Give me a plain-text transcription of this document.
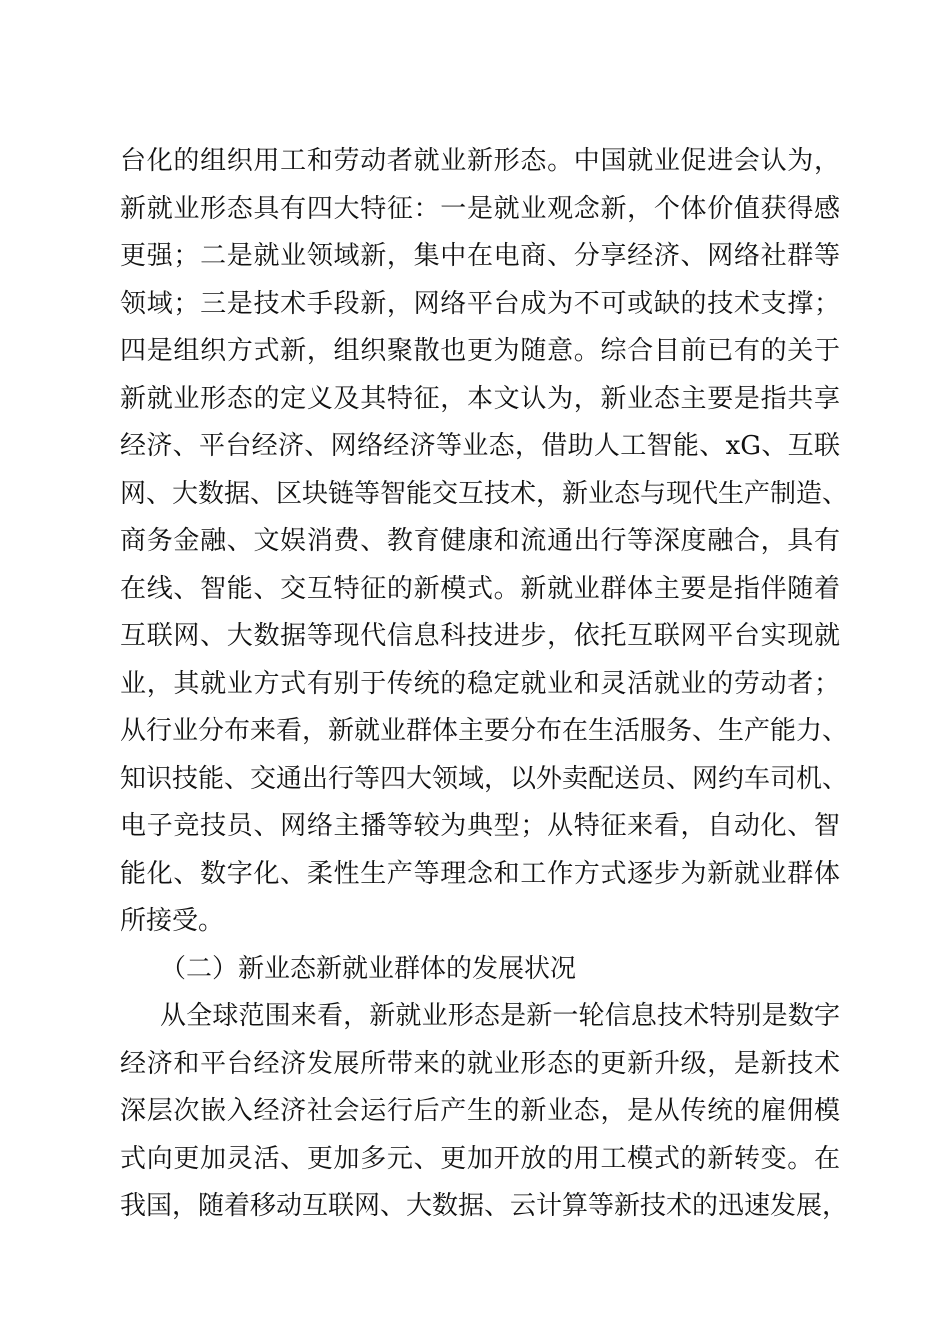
台化的组织用工和劳动者就业新形态。中国就业促进会认为，
新就业形态具有四大特征：一是就业观念新，个体价值获得感
更强；二是就业领域新，集中在电商、分享经济、网络社群等
领域；三是技术手段新，网络平台成为不可或缺的技术支撑；
四是组织方式新，组织聚散也更为随意。综合目前已有的关于
新就业形态的定义及其特征，本文认为，新业态主要是指共享
经济、平台经济、网络经济等业态，借助人工智能、xG、互联
网、大数据、区块链等智能交互技术，新业态与现代生产制造、
商务金融、文娱消费、教育健康和流通出行等深度融合，具有
在线、智能、交互特征的新模式。新就业群体主要是指伴随着
互联网、大数据等现代信息科技进步，依托互联网平台实现就
业，其就业方式有别于传统的稳定就业和灵活就业的劳动者；
从行业分布来看，新就业群体主要分布在生活服务、生产能力、
知识技能、交通出行等四大领域，以外卖配送员、网约车司机、
电子竞技员、网络主播等较为典型；从特征来看，自动化、智
能化、数字化、柔性生产等理念和工作方式逐步为新就业群体
所接受。
（二）新业态新就业群体的发展状况
从全球范围来看，新就业形态是新一轮信息技术特别是数字
经济和平台经济发展所带来的就业形态的更新升级，是新技术
深层次嵌入经济社会运行后产生的新业态，是从传统的雇佣模
式向更加灵活、更加多元、更加开放的用工模式的新转变。在
我国，随着移动互联网、大数据、云计算等新技术的迅速发展，
